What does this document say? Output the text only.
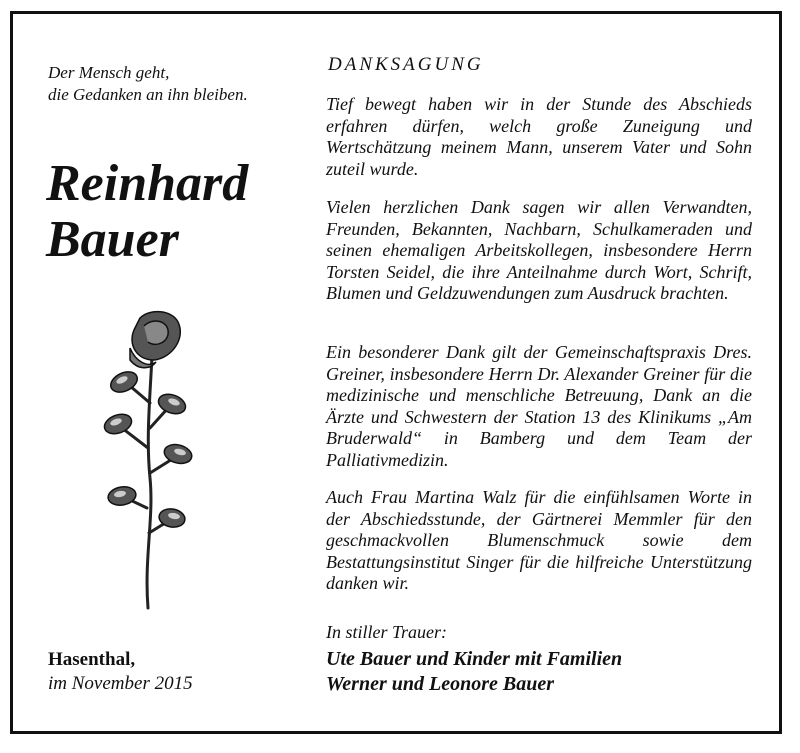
Der Mensch geht,
die Gedanken an ihn bleiben.
Reinhard
Bauer
Hasenthal,
im November 2015
DANKSAGUNG

Tief bewegt haben wir in der Stunde des Abschieds erfahren dürfen, welch große Zuneigung und Wertschätzung meinem Mann, unserem Vater und Sohn zuteil wurde.

Vielen herzlichen Dank sagen wir allen Verwandten, Freunden, Bekannten, Nachbarn, Schulkameraden und seinen ehemaligen Arbeitskollegen, insbesondere Herrn Torsten Seidel, die ihre Anteilnahme durch Wort, Schrift, Blumen und Geldzuwendungen zum Ausdruck brachten.

Ein besonderer Dank gilt der Gemeinschaftspraxis Dres. Greiner, insbesondere Herrn Dr. Alexander Greiner für die medizinische und menschliche Betreuung, Dank an die Ärzte und Schwestern der Station 13 des Klinikums „Am Bruderwald“ in Bamberg und dem Team der Palliativmedizin.

Auch Frau Martina Walz für die einfühlsamen Worte in der Abschiedsstunde, der Gärtnerei Memmler für den geschmackvollen Blumenschmuck sowie dem Bestattungsinstitut Singer für die hilfreiche Unterstützung danken wir.

In stiller Trauer:
Ute Bauer und Kinder mit Familien
Werner und Leonore Bauer
